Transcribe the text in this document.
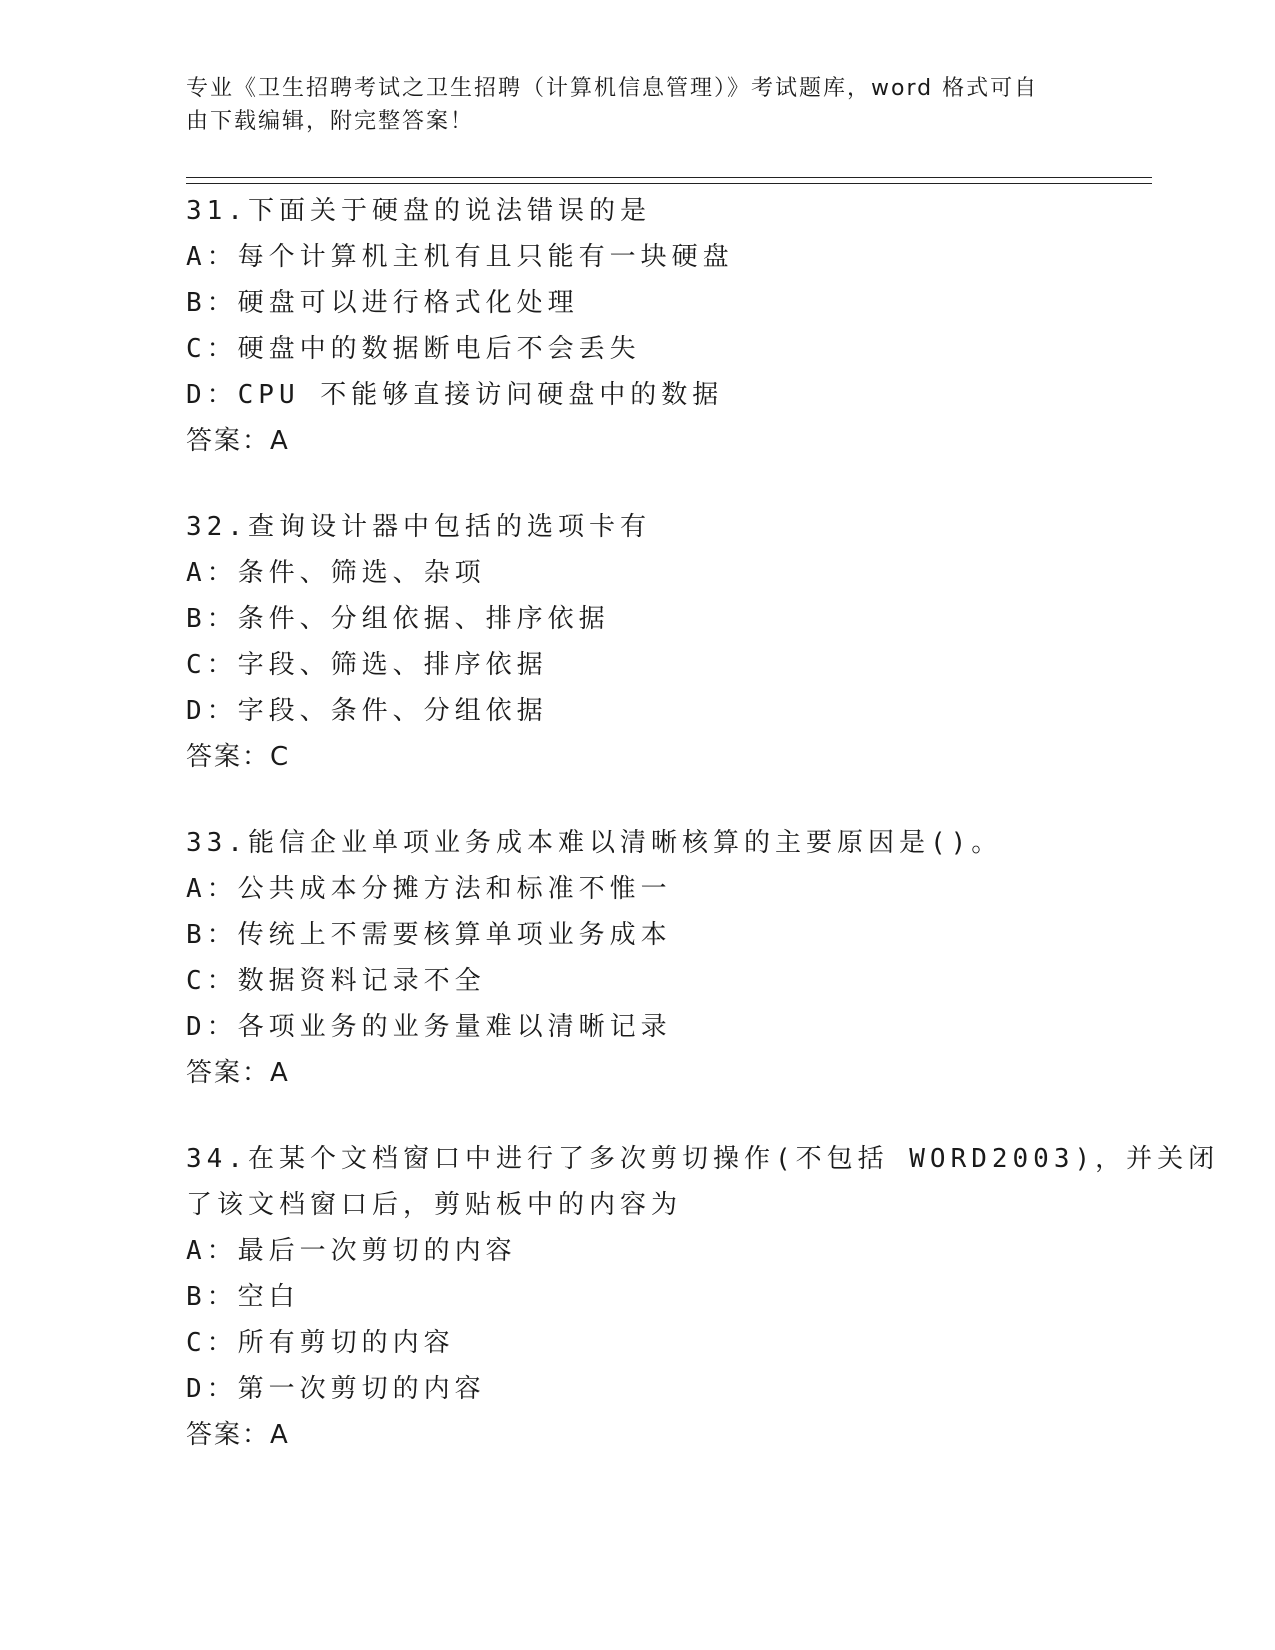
专业《卫生招聘考试之卫生招聘（计算机信息管理）》考试题库，word 格式可自
由下载编辑，附完整答案！
31.下面关于硬盘的说法错误的是
A：每个计算机主机有且只能有一块硬盘
B：硬盘可以进行格式化处理
C：硬盘中的数据断电后不会丢失
D：CPU 不能够直接访问硬盘中的数据
答案：A
32.查询设计器中包括的选项卡有
A：条件、筛选、杂项
B：条件、分组依据、排序依据
C：字段、筛选、排序依据
D：字段、条件、分组依据
答案：C
33.能信企业单项业务成本难以清晰核算的主要原因是()。
A：公共成本分摊方法和标准不惟一
B：传统上不需要核算单项业务成本
C：数据资料记录不全
D：各项业务的业务量难以清晰记录
答案：A
34.在某个文档窗口中进行了多次剪切操作(不包括 WORD2003)，并关闭
了该文档窗口后，剪贴板中的内容为
A：最后一次剪切的内容
B：空白
C：所有剪切的内容
D：第一次剪切的内容
答案：A
